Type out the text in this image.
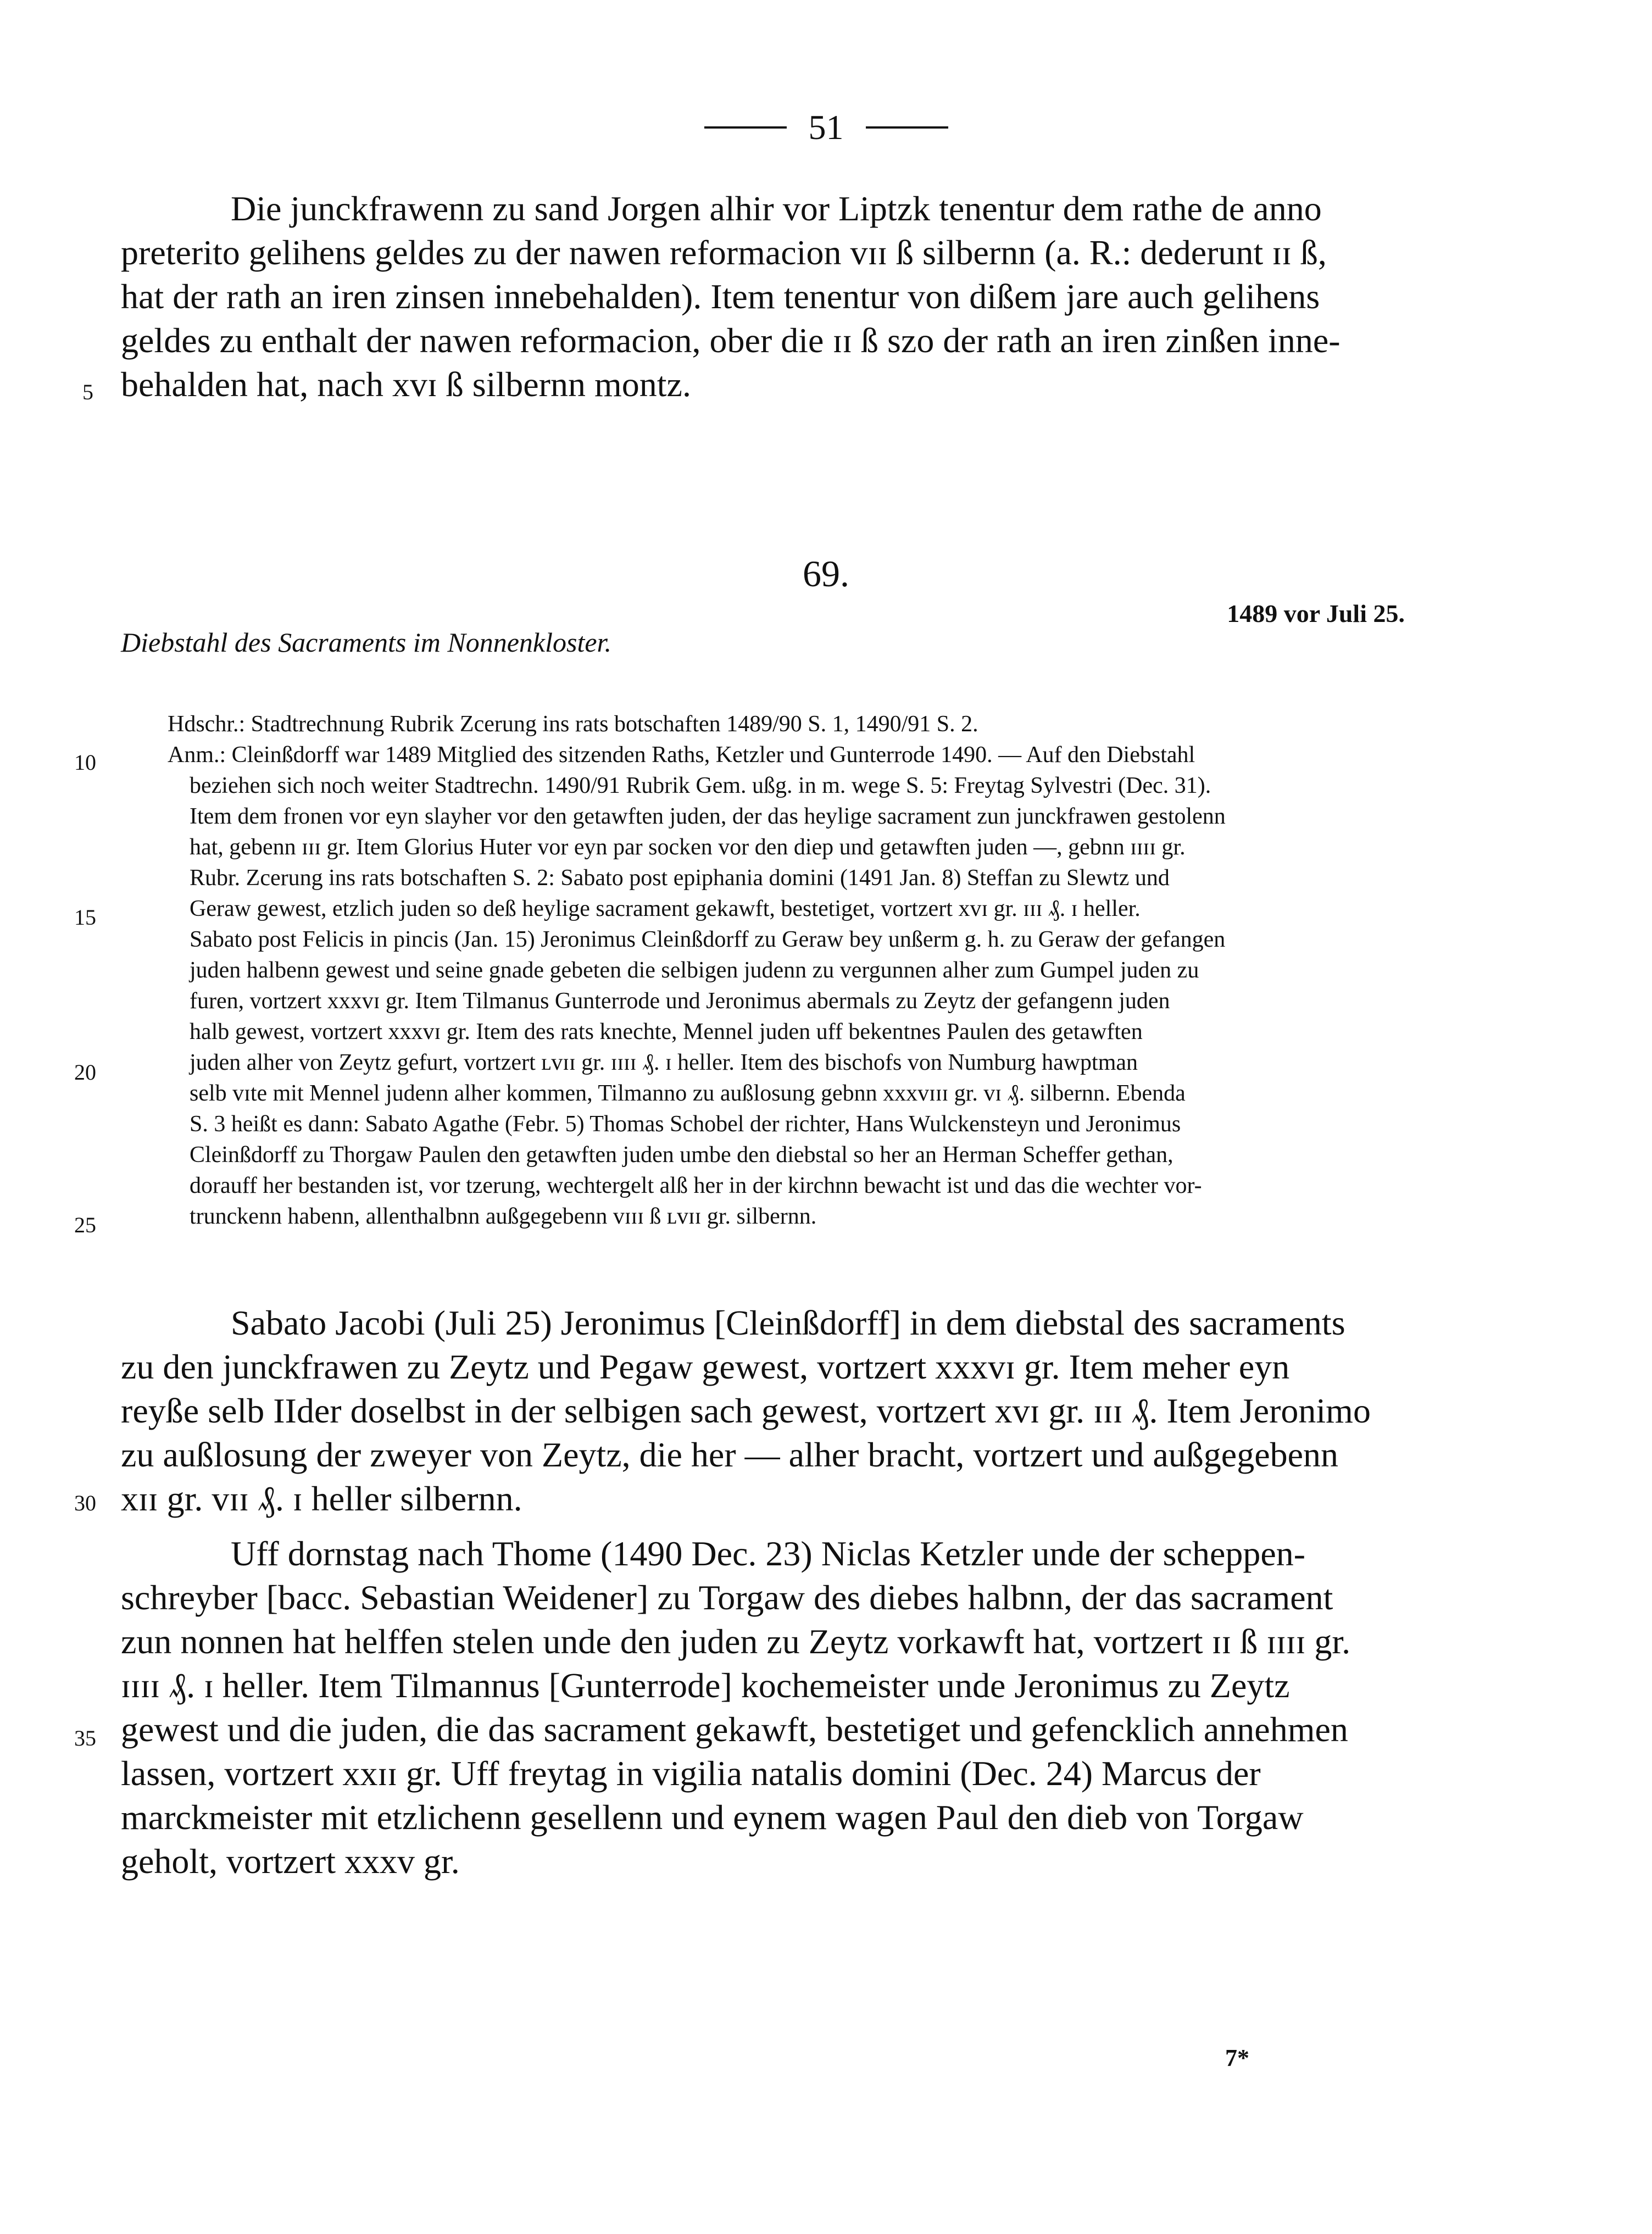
51
Die junckfrawenn zu sand Jorgen alhir vor Liptzk tenentur dem rathe de anno
preterito gelihens geldes zu der nawen reformacion vɪɪ ß silbernn (a. R.: dederunt ɪɪ ß,
hat der rath an iren zinsen innebehalden). Item tenentur von dißem jare auch gelihens
geldes zu enthalt der nawen reformacion, ober die ɪɪ ß szo der rath an iren zinßen inne-
behalden hat, nach xvɪ ß silbernn montz.
5
69.
1489 vor Juli 25.
Diebstahl des Sacraments im Nonnenkloster.
Hdschr.: Stadtrechnung Rubrik Zcerung ins rats botschaften 1489/90 S. 1, 1490/91 S. 2.
Anm.: Cleinßdorff war 1489 Mitglied des sitzenden Raths, Ketzler und Gunterrode 1490. — Auf den Diebstahl
beziehen sich noch weiter Stadtrechn. 1490/91 Rubrik Gem. ußg. in m. wege S. 5: Freytag Sylvestri (Dec. 31).
Item dem fronen vor eyn slayher vor den getawften juden, der das heylige sacrament zun junckfrawen gestolenn
hat, gebenn ɪɪɪ gr. Item Glorius Huter vor eyn par socken vor den diep und getawften juden —, gebnn ɪɪɪɪ gr.
Rubr. Zcerung ins rats botschaften S. 2: Sabato post epiphania domini (1491 Jan. 8) Steffan zu Slewtz und
Geraw gewest, etzlich juden so deß heylige sacrament gekawft, bestetiget, vortzert xvɪ gr. ɪɪɪ ₰. ɪ heller.
Sabato post Felicis in pincis (Jan. 15) Jeronimus Cleinßdorff zu Geraw bey unßerm g. h. zu Geraw der gefangen
juden halbenn gewest und seine gnade gebeten die selbigen judenn zu vergunnen alher zum Gumpel juden zu
furen, vortzert xxxvɪ gr. Item Tilmanus Gunterrode und Jeronimus abermals zu Zeytz der gefangenn juden
halb gewest, vortzert xxxvɪ gr. Item des rats knechte, Mennel juden uff bekentnes Paulen des getawften
juden alher von Zeytz gefurt, vortzert ʟvɪɪ gr. ɪɪɪɪ ₰. ɪ heller. Item des bischofs von Numburg hawptman
selb vɪte mit Mennel judenn alher kommen, Tilmanno zu außlosung gebnn xxxvɪɪɪ gr. vɪ ₰. silbernn. Ebenda
S. 3 heißt es dann: Sabato Agathe (Febr. 5) Thomas Schobel der richter, Hans Wulckensteyn und Jeronimus
Cleinßdorff zu Thorgaw Paulen den getawften juden umbe den diebstal so her an Herman Scheffer gethan,
dorauff her bestanden ist, vor tzerung, wechtergelt alß her in der kirchnn bewacht ist und das die wechter vor-
trunckenn habenn, allenthalbnn außgegebenn vɪɪɪ ß ʟvɪɪ gr. silbernn.
10
15
20
25
Sabato Jacobi (Juli 25) Jeronimus [Cleinßdorff] in dem diebstal des sacraments
zu den junckfrawen zu Zeytz und Pegaw gewest, vortzert xxxvɪ gr. Item meher eyn
reyße selb IIder doselbst in der selbigen sach gewest, vortzert xvɪ gr. ɪɪɪ ₰. Item Jeronimo
zu außlosung der zweyer von Zeytz, die her — alher bracht, vortzert und außgegebenn
xɪɪ gr. vɪɪ ₰. ɪ heller silbernn.
30
Uff dornstag nach Thome (1490 Dec. 23) Niclas Ketzler unde der scheppen-
schreyber [bacc. Sebastian Weidener] zu Torgaw des diebes halbnn, der das sacrament
zun nonnen hat helffen stelen unde den juden zu Zeytz vorkawft hat, vortzert ɪɪ ß ɪɪɪɪ gr.
ɪɪɪɪ ₰. ɪ heller. Item Tilmannus [Gunterrode] kochemeister unde Jeronimus zu Zeytz
gewest und die juden, die das sacrament gekawft, bestetiget und gefencklich annehmen
lassen, vortzert xxɪɪ gr. Uff freytag in vigilia natalis domini (Dec. 24) Marcus der
marckmeister mit etzlichenn gesellenn und eynem wagen Paul den dieb von Torgaw
geholt, vortzert xxxv gr.
35
7*
